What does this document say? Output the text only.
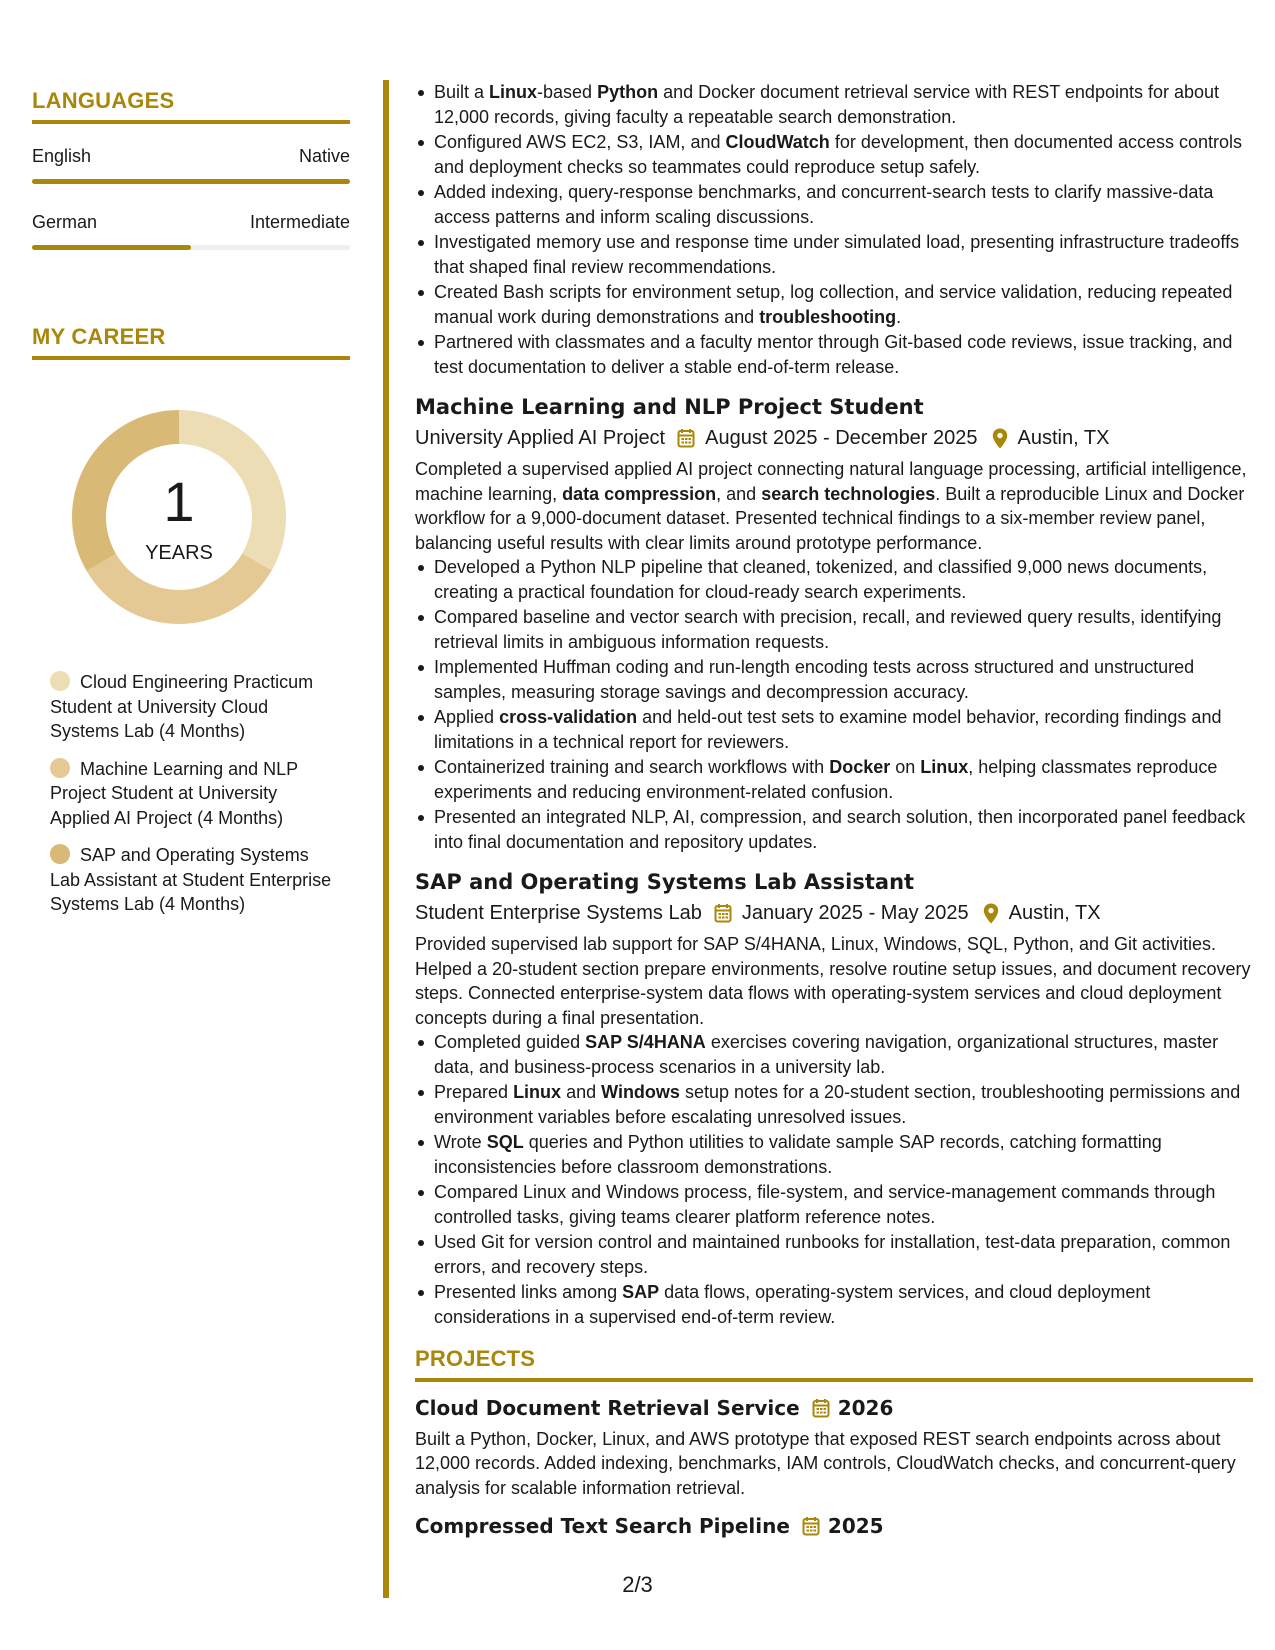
LANGUAGES
English	Native
German	Intermediate
MY CAREER
1
YEARS
Cloud Engineering Practicum Student at University Cloud Systems Lab (4 Months)
Machine Learning and NLP Project Student at University Applied AI Project (4 Months)
SAP and Operating Systems Lab Assistant at Student Enterprise Systems Lab (4 Months)
Built a Linux-based Python and Docker document retrieval service with REST endpoints for about 12,000 records, giving faculty a repeatable search demonstration.
Configured AWS EC2, S3, IAM, and CloudWatch for development, then documented access controls and deployment checks so teammates could reproduce setup safely.
Added indexing, query-response benchmarks, and concurrent-search tests to clarify massive-data access patterns and inform scaling discussions.
Investigated memory use and response time under simulated load, presenting infrastructure tradeoffs that shaped final review recommendations.
Created Bash scripts for environment setup, log collection, and service validation, reducing repeated manual work during demonstrations and troubleshooting.
Partnered with classmates and a faculty mentor through Git-based code reviews, issue tracking, and test documentation to deliver a stable end-of-term release.
Machine Learning and NLP Project Student
University Applied AI Project August 2025 - December 2025 Austin, TX
Completed a supervised applied AI project connecting natural language processing, artificial intelligence, machine learning, data compression, and search technologies. Built a reproducible Linux and Docker workflow for a 9,000-document dataset. Presented technical findings to a six-member review panel, balancing useful results with clear limits around prototype performance.
Developed a Python NLP pipeline that cleaned, tokenized, and classified 9,000 news documents, creating a practical foundation for cloud-ready search experiments.
Compared baseline and vector search with precision, recall, and reviewed query results, identifying retrieval limits in ambiguous information requests.
Implemented Huffman coding and run-length encoding tests across structured and unstructured samples, measuring storage savings and decompression accuracy.
Applied cross-validation and held-out test sets to examine model behavior, recording findings and limitations in a technical report for reviewers.
Containerized training and search workflows with Docker on Linux, helping classmates reproduce experiments and reducing environment-related confusion.
Presented an integrated NLP, AI, compression, and search solution, then incorporated panel feedback into final documentation and repository updates.
SAP and Operating Systems Lab Assistant
Student Enterprise Systems Lab January 2025 - May 2025 Austin, TX
Provided supervised lab support for SAP S/4HANA, Linux, Windows, SQL, Python, and Git activities. Helped a 20-student section prepare environments, resolve routine setup issues, and document recovery steps. Connected enterprise-system data flows with operating-system services and cloud deployment concepts during a final presentation.
Completed guided SAP S/4HANA exercises covering navigation, organizational structures, master data, and business-process scenarios in a university lab.
Prepared Linux and Windows setup notes for a 20-student section, troubleshooting permissions and environment variables before escalating unresolved issues.
Wrote SQL queries and Python utilities to validate sample SAP records, catching formatting inconsistencies before classroom demonstrations.
Compared Linux and Windows process, file-system, and service-management commands through controlled tasks, giving teams clearer platform reference notes.
Used Git for version control and maintained runbooks for installation, test-data preparation, common errors, and recovery steps.
Presented links among SAP data flows, operating-system services, and cloud deployment considerations in a supervised end-of-term review.
PROJECTS
Cloud Document Retrieval Service 2026
Built a Python, Docker, Linux, and AWS prototype that exposed REST search endpoints across about 12,000 records. Added indexing, benchmarks, IAM controls, CloudWatch checks, and concurrent-query analysis for scalable information retrieval.
Compressed Text Search Pipeline 2025
2/3
